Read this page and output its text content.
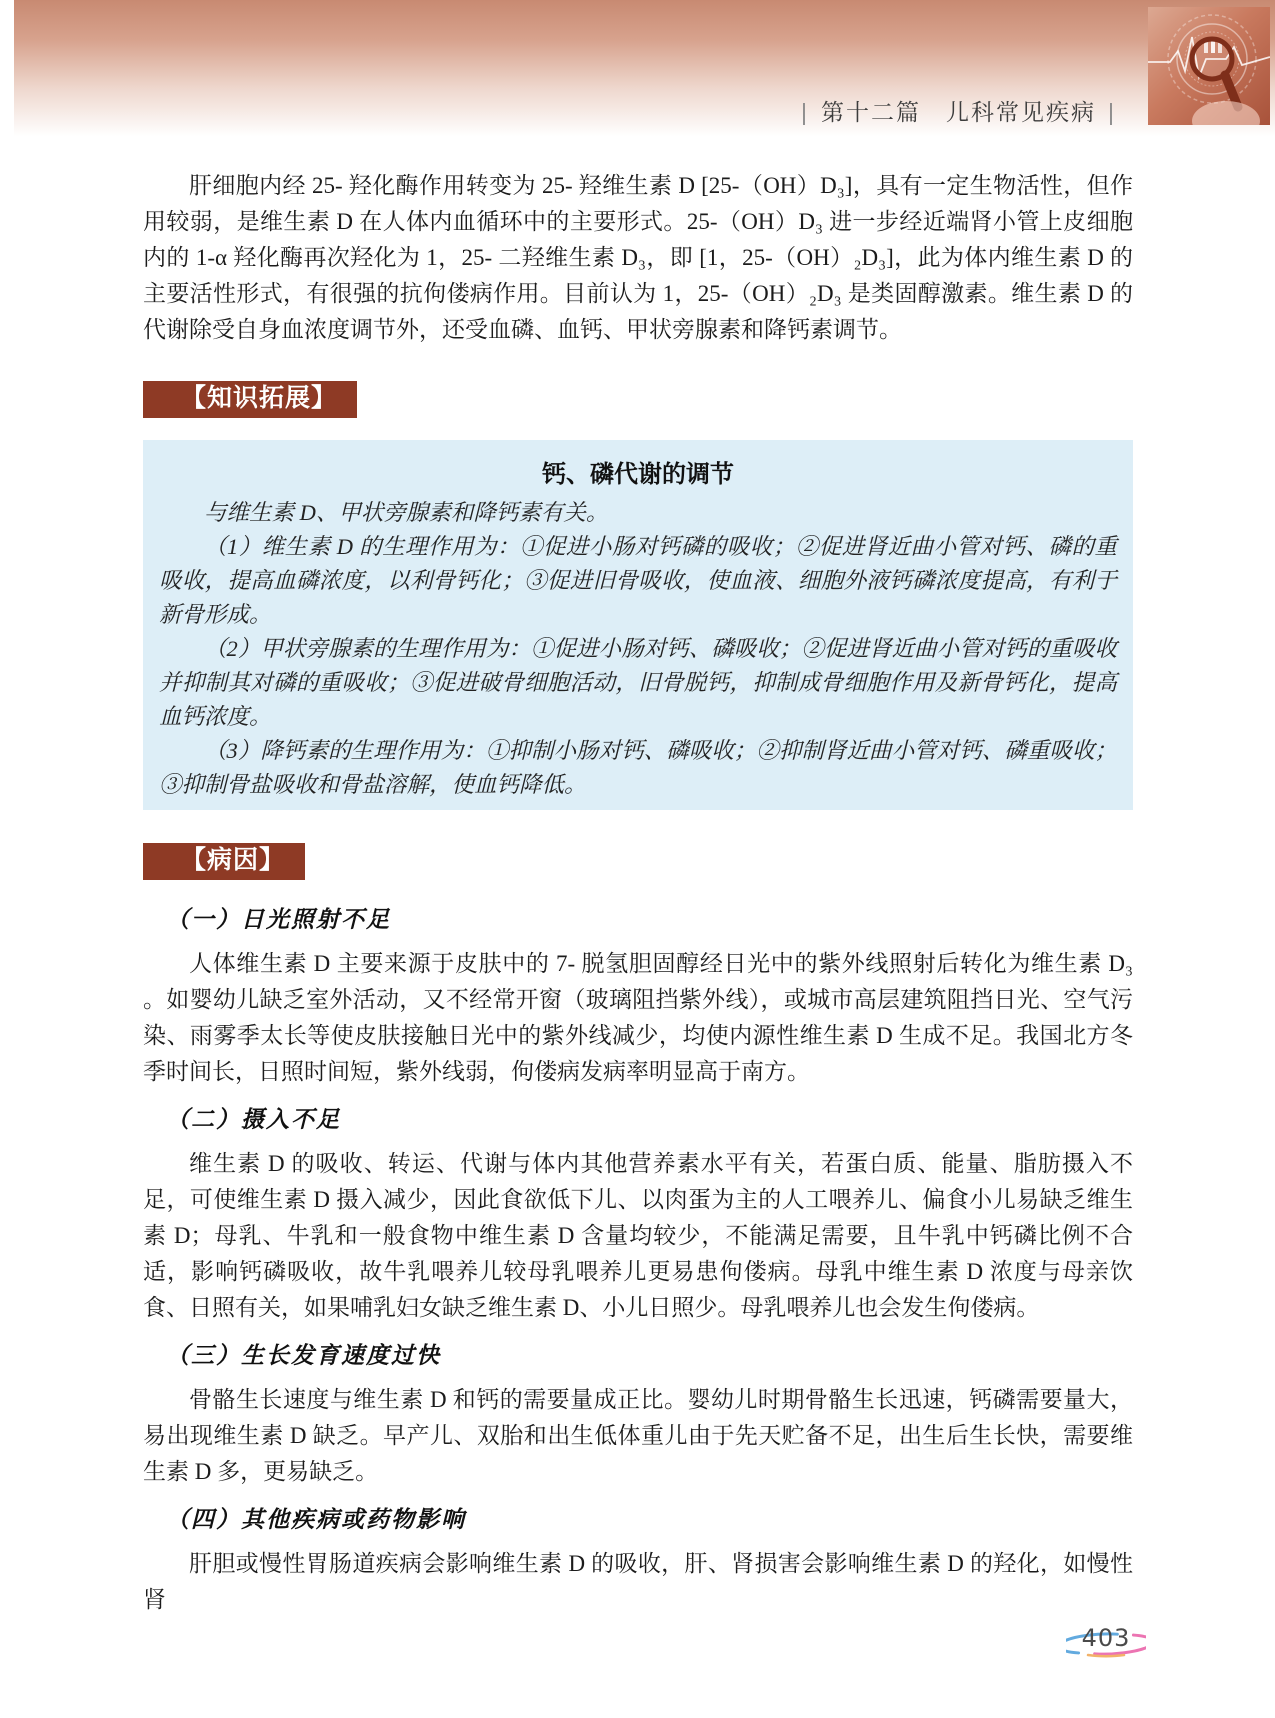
| 第十二篇　儿科常见疾病 |

肝细胞内经 25- 羟化酶作用转变为 25- 羟维生素 D [25-（OH）D₃]，具有一定生物活性，但作用较弱，是维生素 D 在人体内血循环中的主要形式。25-（OH）D₃ 进一步经近端肾小管上皮细胞内的 1-α 羟化酶再次羟化为 1，25- 二羟维生素 D₃，即 [1，25-（OH）₂D₃]，此为体内维生素 D 的主要活性形式，有很强的抗佝偻病作用。目前认为 1，25-（OH）₂D₃ 是类固醇激素。维生素 D 的代谢除受自身血浓度调节外，还受血磷、血钙、甲状旁腺素和降钙素调节。

【知识拓展】
钙、磷代谢的调节

与维生素 D、甲状旁腺素和降钙素有关。

（1）维生素 D 的生理作用为：①促进小肠对钙磷的吸收；②促进肾近曲小管对钙、磷的重吸收，提高血磷浓度，以利骨钙化；③促进旧骨吸收，使血液、细胞外液钙磷浓度提高，有利于新骨形成。

（2）甲状旁腺素的生理作用为：①促进小肠对钙、磷吸收；②促进肾近曲小管对钙的重吸收并抑制其对磷的重吸收；③促进破骨细胞活动，旧骨脱钙，抑制成骨细胞作用及新骨钙化，提高血钙浓度。

（3）降钙素的生理作用为：①抑制小肠对钙、磷吸收；②抑制肾近曲小管对钙、磷重吸收；③抑制骨盐吸收和骨盐溶解，使血钙降低。

【病因】
（一）日光照射不足

人体维生素 D 主要来源于皮肤中的 7- 脱氢胆固醇经日光中的紫外线照射后转化为维生素 D₃ 。如婴幼儿缺乏室外活动，又不经常开窗（玻璃阻挡紫外线），或城市高层建筑阻挡日光、空气污染、雨雾季太长等使皮肤接触日光中的紫外线减少，均使内源性维生素 D 生成不足。我国北方冬季时间长，日照时间短，紫外线弱，佝偻病发病率明显高于南方。

（二）摄入不足

维生素 D 的吸收、转运、代谢与体内其他营养素水平有关，若蛋白质、能量、脂肪摄入不足，可使维生素 D 摄入减少，因此食欲低下儿、以肉蛋为主的人工喂养儿、偏食小儿易缺乏维生素 D；母乳、牛乳和一般食物中维生素 D 含量均较少，不能满足需要，且牛乳中钙磷比例不合适，影响钙磷吸收，故牛乳喂养儿较母乳喂养儿更易患佝偻病。母乳中维生素 D 浓度与母亲饮食、日照有关，如果哺乳妇女缺乏维生素 D、小儿日照少。母乳喂养儿也会发生佝偻病。

（三）生长发育速度过快

骨骼生长速度与维生素 D 和钙的需要量成正比。婴幼儿时期骨骼生长迅速，钙磷需要量大，易出现维生素 D 缺乏。早产儿、双胎和出生低体重儿由于先天贮备不足，出生后生长快，需要维生素 D 多，更易缺乏。

（四）其他疾病或药物影响

肝胆或慢性胃肠道疾病会影响维生素 D 的吸收，肝、肾损害会影响维生素 D 的羟化，如慢性肾

403
